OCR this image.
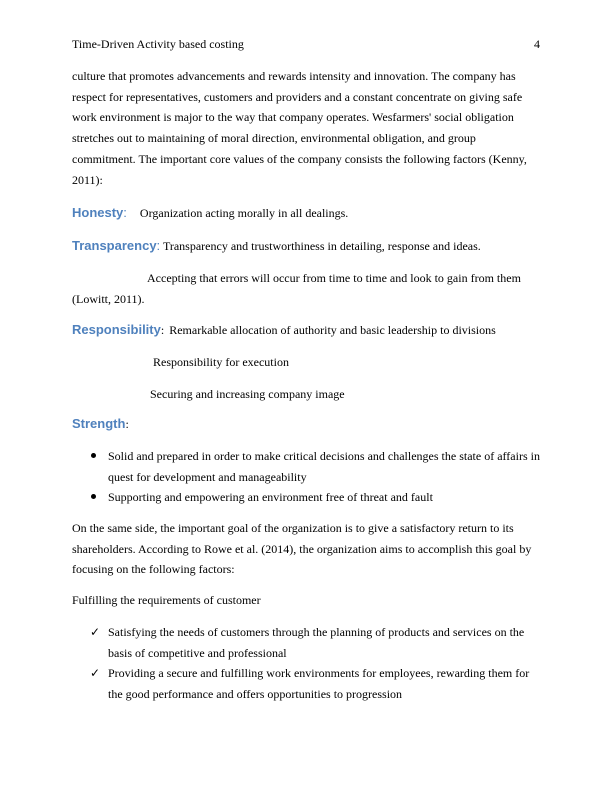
Time-Driven Activity based costing	4

culture that promotes advancements and rewards intensity and innovation. The company has respect for representatives, customers and providers and a constant concentrate on giving safe work environment is major to the way that company operates. Wesfarmers' social obligation stretches out to maintaining of moral direction, environmental obligation, and group commitment. The important core values of the company consists the following factors (Kenny, 2011):

Honesty: Organization acting morally in all dealings.

Transparency: Transparency and trustworthiness in detailing, response and ideas.

Accepting that errors will occur from time to time and look to gain from them (Lowitt, 2011).

Responsibility: Remarkable allocation of authority and basic leadership to divisions

Responsibility for execution

Securing and increasing company image

Strength:

Solid and prepared in order to make critical decisions and challenges the state of affairs in quest for development and manageability
Supporting and empowering an environment free of threat and fault

On the same side, the important goal of the organization is to give a satisfactory return to its shareholders. According to Rowe et al. (2014), the organization aims to accomplish this goal by focusing on the following factors:

Fulfilling the requirements of customer

✓ Satisfying the needs of customers through the planning of products and services on the basis of competitive and professional
✓ Providing a secure and fulfilling work environments for employees, rewarding them for the good performance and offers opportunities to progression
